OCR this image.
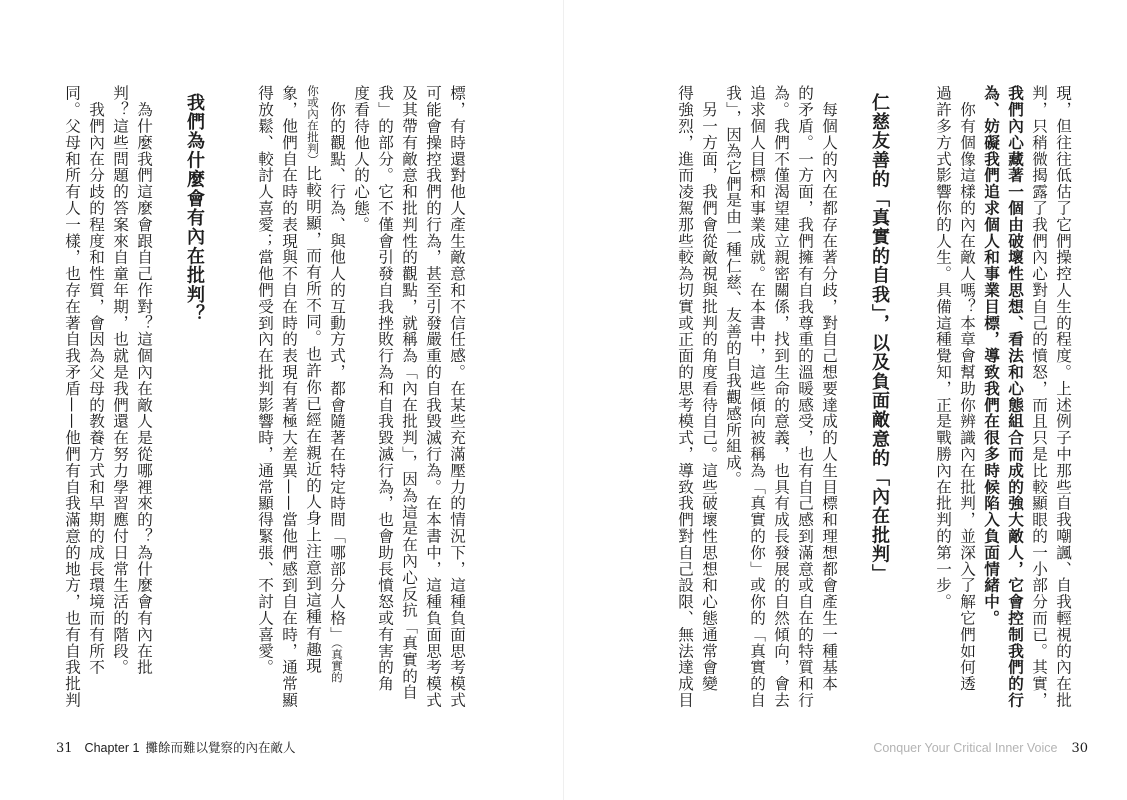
標，有時還對他人產生敵意和不信任感。在某些充滿壓力的情況下，這種負面思考模式
可能會操控我們的行為，甚至引發嚴重的自我毀滅行為。在本書中，這種負面思考模式
及其帶有敵意和批判性的觀點，就稱為「內在批判」，因為這是在內心反抗「真實的自
我」的部分。它不僅會引發自我挫敗行為和自我毀滅行為，也會助長憤怒或有害的角
度看待他人的心態。
　你的觀點、行為、與他人的互動方式，都會隨著在特定時間「哪部分人格」（真實的
你或內在批判）比較明顯，而有所不同。也許你已經在親近的人身上注意到這種有趣現
象，他們自在時的表現與不自在時的表現有著極大差異——當他們感到自在時，通常顯
得放鬆、較討人喜愛；當他們受到內在批判影響時，通常顯得緊張、不討人喜愛。
我們為什麼會有內在批判？
　為什麼我們這麼會跟自己作對？這個內在敵人是從哪裡來的？為什麼會有內在批
判？這些問題的答案來自童年期，也就是我們還在努力學習應付日常生活的階段。
　我們內在分歧的程度和性質，會因為父母的教養方式和早期的成長環境而有所不
同。父母和所有人一樣，也存在著自我矛盾——他們有自我滿意的地方，也有自我批判
31 Chapter 1 攤餘而難以覺察的內在敵人
現，但往往低估了它們操控人生的程度。上述例子中那些自我嘲諷、自我輕視的內在批
判，只稍微揭露了我們內心對自己的憤怒，而且只是比較顯眼的一小部分而已。其實，
我們內心藏著一個由破壞性思想、看法和心態組合而成的強大敵人，它會控制我們的行
為、妨礙我們追求個人和事業目標，導致我們在很多時候陷入負面情緒中。
　你有個像這樣的內在敵人嗎？本章會幫助你辨識內在批判，並深入了解它們如何透
過許多方式影響你的人生。具備這種覺知，正是戰勝內在批判的第一步。
仁慈友善的「真實的自我」，以及負面敵意的「內在批判」
　每個人的內在都存在著分歧，對自己想要達成的人生目標和理想都會產生一種基本
的矛盾。一方面，我們擁有自我尊重的溫暖感受，也有自己感到滿意或自在的特質和行
為。我們不僅渴望建立親密關係，找到生命的意義，也具有成長發展的自然傾向，會去
追求個人目標和事業成就。在本書中，這些傾向被稱為「真實的你」或你的「真實的自
我」，因為它們是由一種仁慈、友善的自我觀感所組成。
　另一方面，我們會從敵視與批判的角度看待自己。這些破壞性思想和心態通常會變
得強烈，進而凌駕那些較為切實或正面的思考模式，導致我們對自己設限、無法達成目
Conquer Your Critical Inner Voice 30
